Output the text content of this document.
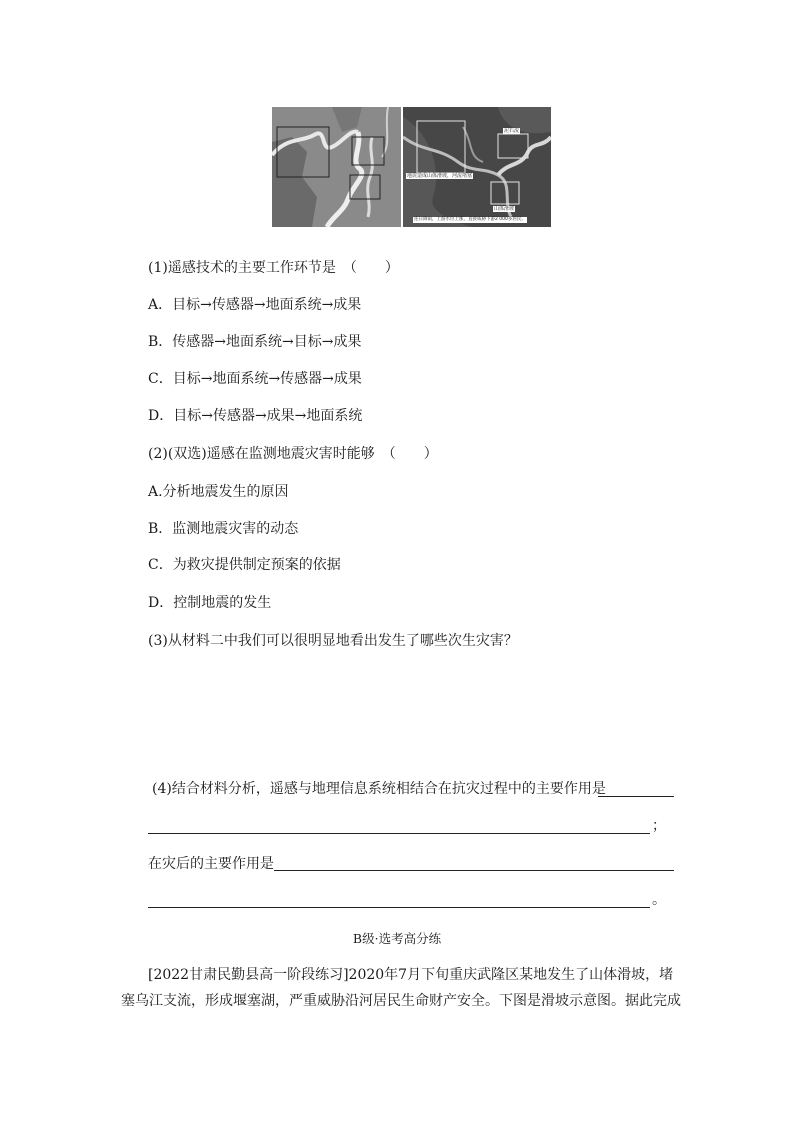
地震造成山体滑坡，河流堵塞
泥石流
山体滑坡
连日降雨，上游水位上涨，直接威胁下游2 000多居民。
(1)遥感技术的主要工作环节是　（　　）
A．目标→传感器→地面系统→成果
B．传感器→地面系统→目标→成果
C．目标→地面系统→传感器→成果
D．目标→传感器→成果→地面系统
(2)(双选)遥感在监测地震灾害时能够　（　　）
A.分析地震发生的原因
B．监测地震灾害的动态
C．为救灾提供制定预案的依据
D．控制地震的发生
(3)从材料二中我们可以很明显地看出发生了哪些次生灾害？
(4)结合材料分析，遥感与地理信息系统相结合在抗灾过程中的主要作用是
；
在灾后的主要作用是
。
B级·选考高分练
[2022甘肃民勤县高一阶段练习]2020年7月下旬重庆武隆区某地发生了山体滑坡，堵
塞乌江支流，形成堰塞湖，严重威胁沿河居民生命财产安全。下图是滑坡示意图。据此完成
